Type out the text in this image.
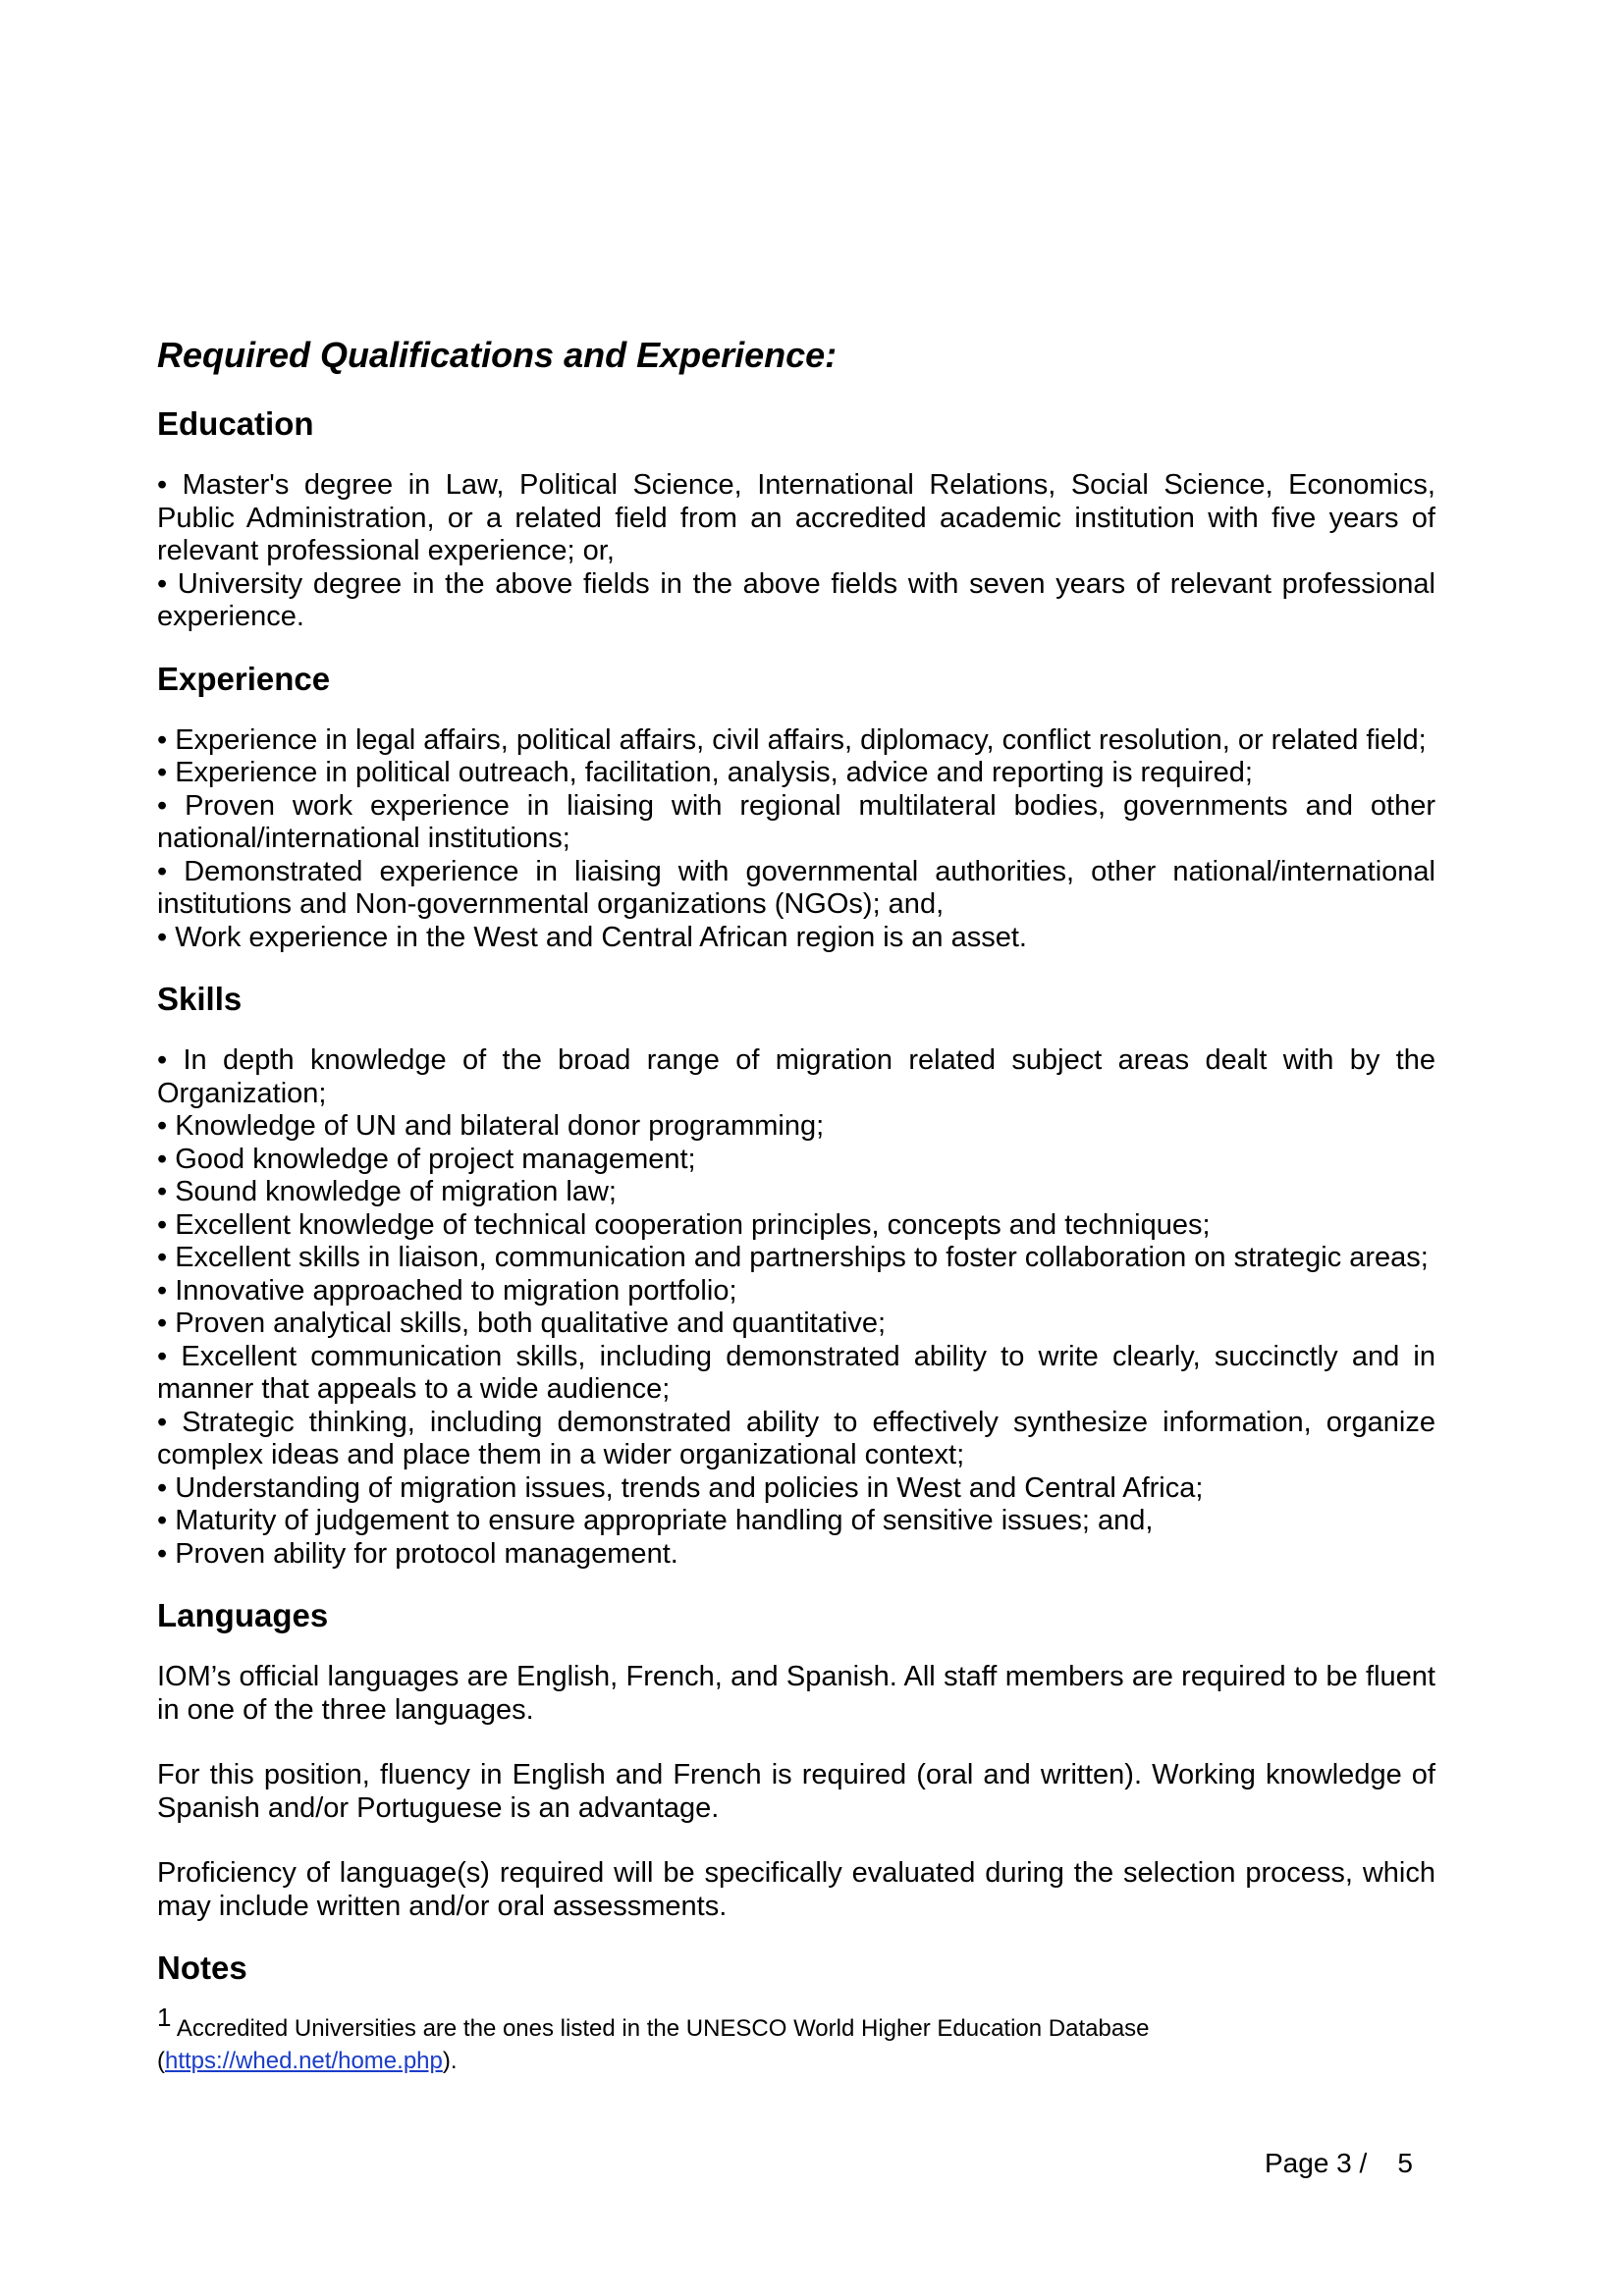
Required Qualifications and Experience:
Education

• Master's degree in Law, Political Science, International Relations, Social Science, Economics, Public Administration, or a related field from an accredited academic institution with five years of relevant professional experience; or,

• University degree in the above fields in the above fields with seven years of relevant professional experience.

Experience

• Experience in legal affairs, political affairs, civil affairs, diplomacy, conflict resolution, or related field;

• Experience in political outreach, facilitation, analysis, advice and reporting is required;

• Proven work experience in liaising with regional multilateral bodies, governments and other national/international institutions;

• Demonstrated experience in liaising with governmental authorities, other national/international institutions and Non-governmental organizations (NGOs); and,

• Work experience in the West and Central African region is an asset.

Skills

• In depth knowledge of the broad range of migration related subject areas dealt with by the Organization;

• Knowledge of UN and bilateral donor programming;

• Good knowledge of project management;

• Sound knowledge of migration law;

• Excellent knowledge of technical cooperation principles, concepts and techniques;

• Excellent skills in liaison, communication and partnerships to foster collaboration on strategic areas;

• Innovative approached to migration portfolio;

• Proven analytical skills, both qualitative and quantitative;

• Excellent communication skills, including demonstrated ability to write clearly, succinctly and in manner that appeals to a wide audience;

• Strategic thinking, including demonstrated ability to effectively synthesize information, organize complex ideas and place them in a wider organizational context;

• Understanding of migration issues, trends and policies in West and Central Africa;

• Maturity of judgement to ensure appropriate handling of sensitive issues; and,

• Proven ability for protocol management.

Languages

IOM’s official languages are English, French, and Spanish. All staff members are required to be fluent in one of the three languages.

For this position, fluency in English and French is required (oral and written). Working knowledge of Spanish and/or Portuguese is an advantage.

Proficiency of language(s) required will be specifically evaluated during the selection process, which may include written and/or oral assessments.

Notes
$^1$ Accredited Universities are the ones listed in the UNESCO World Higher Education Database
(https://whed.net/home.php).
Page 3 /    5
